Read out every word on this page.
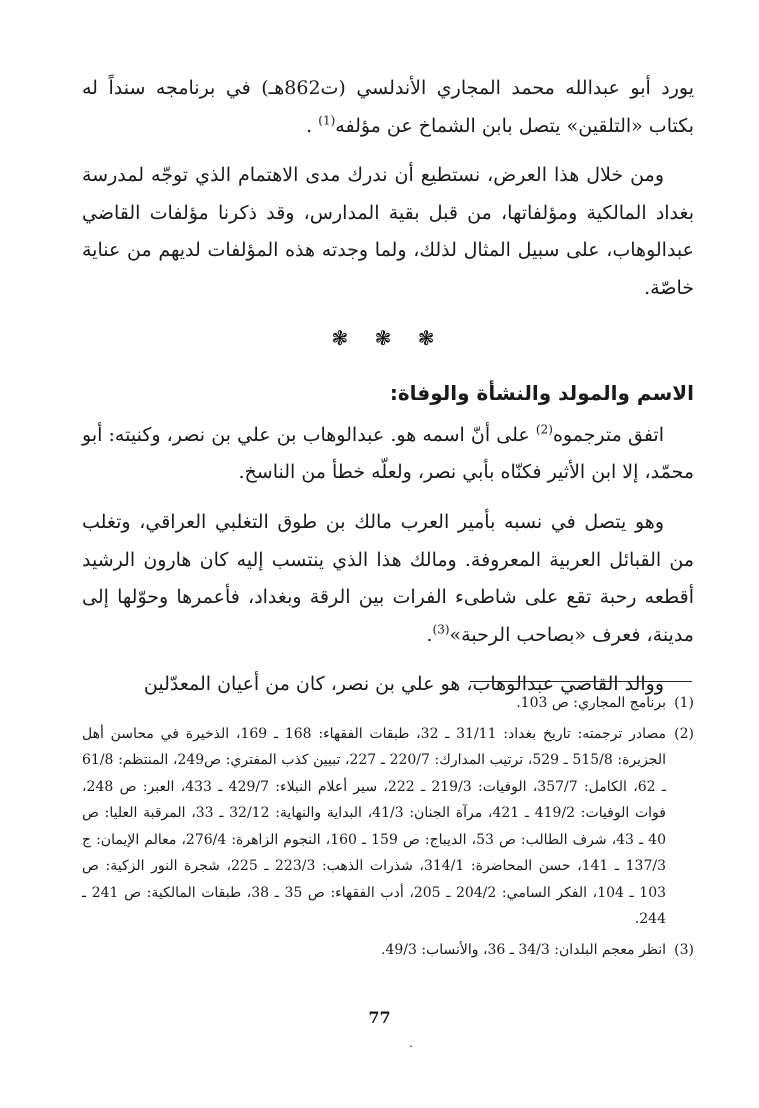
يورد أبو عبدالله محمد المجاري الأندلسي (ت862هـ) في برنامجه سنداً له بكتاب «التلقين» يتصل بابن الشماخ عن مؤلفه$^{(1)}$ .

ومن خلال هذا العرض، نستطيع أن ندرك مدى الاهتمام الذي توجّه لمدرسة بغداد المالكية ومؤلفاتها، من قبل بقية المدارس، وقد ذكرنا مؤلفات القاضي عبدالوهاب، على سبيل المثال لذلك، ولما وجدته هذه المؤلفات لديهم من عناية خاصّة.

❃ ❃ ❃
الاسم والمولد والنشأة والوفاة:

اتفق مترجموه$^{(2)}$ على أنّ اسمه هو. عبدالوهاب بن علي بن نصر، وكنيته: أبو محمّد، إلا ابن الأثير فكنّاه بأبي نصر، ولعلّه خطأ من الناسخ.

وهو يتصل في نسبه بأمير العرب مالك بن طوق التغلبي العراقي، وتغلب من القبائل العربية المعروفة. ومالك هذا الذي ينتسب إليه كان هارون الرشيد أقطعه رحبة تقع على شاطىء الفرات بين الرقة وبغداد، فأعمرها وحوّلها إلى مدينة، فعرف «بصاحب الرحبة»$^{(3)}$.

ووالد القاضي عبدالوهاب، هو علي بن نصر، كان من أعيان المعدّلين

(1)
برنامج المجاري: ص 103.
(2)
مصادر ترجمته: تاريخ بغداد: 31/11 ـ 32، طبقات الفقهاء: 168 ـ 169، الذخيرة في محاسن أهل الجزيرة: 515/8 ـ 529، ترتيب المدارك: 220/7 ـ 227، تبيين كذب المفتري: ص249، المنتظم: 61/8 ـ 62، الكامل: 357/7، الوفيات: 219/3 ـ 222، سير أعلام النبلاء: 429/7 ـ 433، العبر: ص 248، فوات الوفيات: 419/2 ـ 421، مرآة الجنان: 41/3، البداية والنهاية: 32/12 ـ 33، المرقبة العليا: ص 40 ـ 43، شرف الطالب: ص 53، الديباج: ص 159 ـ 160، النجوم الزاهرة: 276/4، معالم الإيمان: ج 137/3 ـ 141، حسن المحاضرة: 314/1، شذرات الذهب: 223/3 ـ 225، شجرة النور الزكية: ص 103 ـ 104، الفكر السامي: 204/2 ـ 205، أدب الفقهاء: ص 35 ـ 38، طبقات المالكية: ص 241 ـ 244.
(3)
انظر معجم البلدان: 34/3 ـ 36، والأنساب: 49/3.
77
.
